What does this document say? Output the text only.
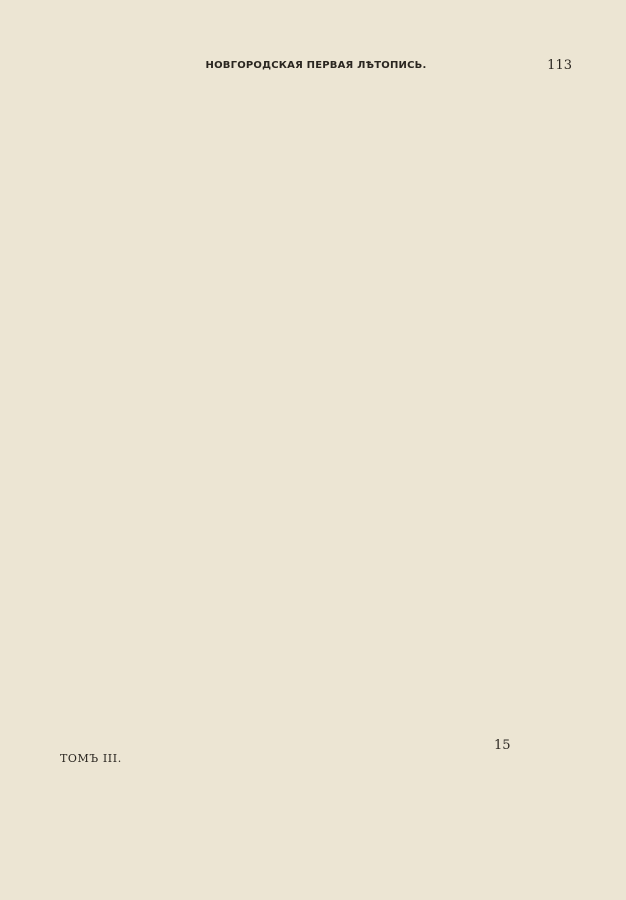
НОВГОРОДСКАЯ ПЕРВАЯ ЛѢТОПИСЬ.	113
ТОМЪ III.
15
